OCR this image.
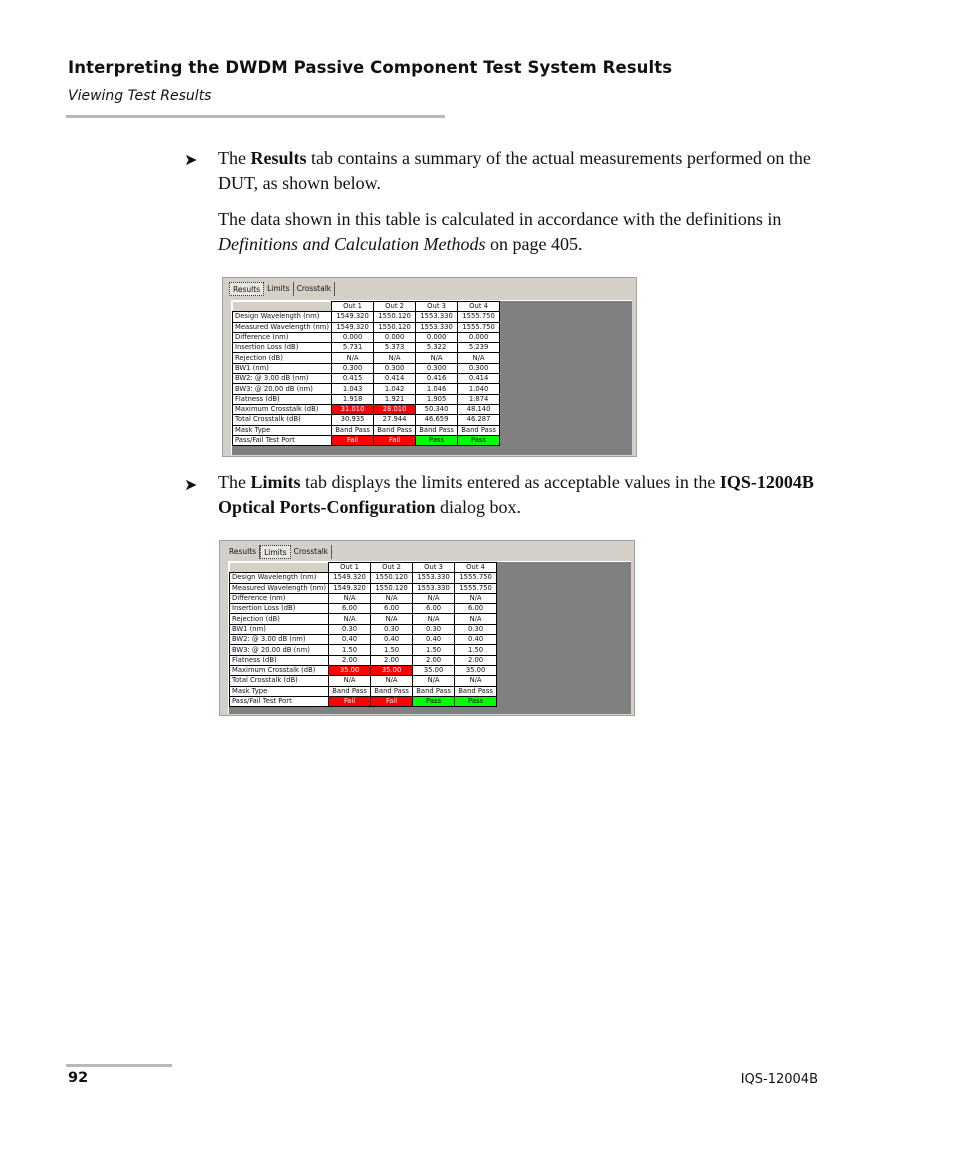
Interpreting the DWDM Passive Component Test System Results
Viewing Test Results
➤ The Results tab contains a summary of the actual measurements performed on the DUT, as shown below.
The data shown in this table is calculated in accordance with the definitions in Definitions and Calculation Methods on page 405.
Results Limits Crosstalk
	Out 1	Out 2	Out 3	Out 4
Design Wavelength (nm)	1549.320	1550.120	1553.330	1555.750
Measured Wavelength (nm)	1549.320	1550.120	1553.330	1555.750
Difference (nm)	0.000	0.000	0.000	0.000
Insertion Loss (dB)	5.731	5.373	5.322	5.239
Rejection (dB)	N/A	N/A	N/A	N/A
BW1 (nm)	0.300	0.300	0.300	0.300
BW2: @ 3.00 dB (nm)	0.415	0.414	0.416	0.414
BW3: @ 20.00 dB (nm)	1.043	1.042	1.046	1.040
Flatness (dB)	1.918	1.921	1.905	1.874
Maximum Crosstalk (dB)	31.010	28.010	50.340	48.140
Total Crosstalk (dB)	30.935	27.944	46.659	46.287
Mask Type	Band Pass	Band Pass	Band Pass	Band Pass
Pass/Fail Test Port	Fail	Fail	Pass	Pass
➤ The Limits tab displays the limits entered as acceptable values in the IQS-12004B Optical Ports-Configuration dialog box.
Results	Limits Crosstalk
	Out 1	Out 2	Out 3	Out 4
Design Wavelength (nm)	1549.320	1550.120	1553.330	1555.750
Measured Wavelength (nm)	1549.320	1550.120	1553.330	1555.750
Difference (nm)	N/A	N/A	N/A	N/A
Insertion Loss (dB)	6.00	6.00	6.00	6.00
Rejection (dB)	N/A	N/A	N/A	N/A
BW1 (nm)	0.30	0.30	0.30	0.30
BW2: @ 3.00 dB (nm)	0.40	0.40	0.40	0.40
BW3: @ 20.00 dB (nm)	1.50	1.50	1.50	1.50
Flatness (dB)	2.00	2.00	2.00	2.00
Maximum Crosstalk (dB)	35.00	35.00	35.00	35.00
Total Crosstalk (dB)	N/A	N/A	N/A	N/A
Mask Type	Band Pass	Band Pass	Band Pass	Band Pass
Pass/Fail Test Port	Fail	Fail	Pass	Pass
92	IQS-12004B
